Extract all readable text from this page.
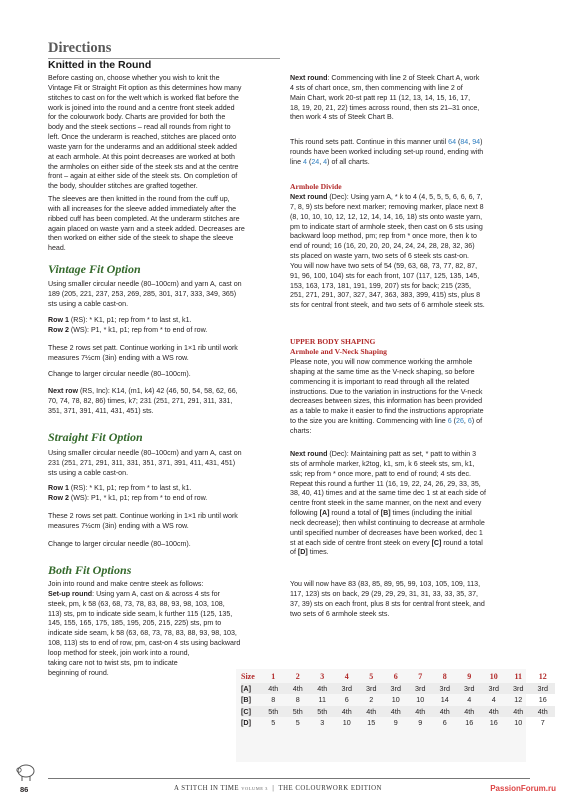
Directions
Knitted in the Round
Before casting on, choose whether you wish to knit the
Vintage Fit or Straight Fit option as this determines how many
stitches to cast on for the welt which is worked flat before the
work is joined into the round and a centre front steek added
for the colourwork body. Charts are provided for both the
body and the steek sections – read all rounds from right to
left. Once the underarm is reached, stitches are placed onto
waste yarn for the underarms and an additional steek added
at each armhole. At this point decreases are worked at both
the armholes on either side of the steek sts and at the centre
front – again at either side of the steek sts. On completion of
the body, shoulder stitches are grafted together.
The sleeves are then knitted in the round from the cuff up,
with all increases for the sleeve added immediately after the
ribbed cuff has been completed. At the underarm stitches are
again placed on waste yarn and a steek added. Decreases are
then worked on either side of the steek to shape the sleeve
head.
Vintage Fit Option
Using smaller circular needle (80–100cm) and yarn A, cast on
189 (205, 221, 237, 253, 269, 285, 301, 317, 333, 349, 365)
sts using a cable cast-on.
Row 1 (RS): * K1, p1; rep from * to last st, k1.
Row 2 (WS): P1, * k1, p1; rep from * to end of row.
These 2 rows set patt. Continue working in 1×1 rib until work
measures 7½cm (3in) ending with a WS row.
Change to larger circular needle (80–100cm).
Next row (RS, Inc): K14, (m1, k4) 42 (46, 50, 54, 58, 62, 66,
70, 74, 78, 82, 86) times, k7; 231 (251, 271, 291, 311, 331,
351, 371, 391, 411, 431, 451) sts.
Straight Fit Option
Using smaller circular needle (80–100cm) and yarn A, cast on
231 (251, 271, 291, 311, 331, 351, 371, 391, 411, 431, 451)
sts using a cable cast-on.
Row 1 (RS): * K1, p1; rep from * to last st, k1.
Row 2 (WS): P1, * k1, p1; rep from * to end of row.
These 2 rows set patt. Continue working in 1×1 rib until work
measures 7½cm (3in) ending with a WS row.
Change to larger circular needle (80–100cm).
Both Fit Options
Join into round and make centre steek as follows:
Set-up round: Using yarn A, cast on & across 4 sts for
steek, pm, k 58 (63, 68, 73, 78, 83, 88, 93, 98, 103, 108,
113) sts, pm to indicate side seam, k further 115 (125, 135,
145, 155, 165, 175, 185, 195, 205, 215, 225) sts, pm to
indicate side seam, k 58 (63, 68, 73, 78, 83, 88, 93, 98, 103,
108, 113) sts to end of row, pm, cast-on 4 sts using backward
loop method for steek, join work into a round,
taking care not to twist sts, pm to indicate
beginning of round.
Next round: Commencing with line 2 of Steek Chart A, work
4 sts of chart once, sm, then commencing with line 2 of
Main Chart, work 20-st patt rep 11 (12, 13, 14, 15, 16, 17,
18, 19, 20, 21, 22) times across round, then sts 21–31 once,
then work 4 sts of Steek Chart B.
This round sets patt. Continue in this manner until 64 (84, 94)
rounds have been worked including set-up round, ending with
line 4 (24, 4) of all charts.
Armhole Divide
Next round (Dec): Using yarn A, * k to 4 (4, 5, 5, 5, 6, 6, 6, 7,
7, 8, 9) sts before next marker; removing marker, place next 8
(8, 10, 10, 10, 12, 12, 12, 14, 14, 16, 18) sts onto waste yarn,
pm to indicate start of armhole steek, then cast on 6 sts using
backward loop method, pm; rep from * once more, then k to
end of round; 16 (16, 20, 20, 20, 24, 24, 24, 28, 28, 32, 36)
sts placed on waste yarn, two sets of 6 steek sts cast-on.
You will now have two sets of 54 (59, 63, 68, 73, 77, 82, 87,
91, 96, 100, 104) sts for each front, 107 (117, 125, 135, 145,
153, 163, 173, 181, 191, 199, 207) sts for back; 215 (235,
251, 271, 291, 307, 327, 347, 363, 383, 399, 415) sts, plus 8
sts for central front steek, and two sets of 6 armhole steek sts.
UPPER BODY SHAPING
Armhole and V-Neck Shaping
Please note, you will now commence working the armhole
shaping at the same time as the V-neck shaping, so before
commencing it is important to read through all the related
instructions. Due to the variation in instructions for the V-neck
decreases between sizes, this information has been provided
as a table to make it easier to find the instructions appropriate
to the size you are knitting. Commencing with line 6 (26, 6) of
charts:
Next round (Dec): Maintaining patt as set, * patt to within 3
sts of armhole marker, k2tog, k1, sm, k 6 steek sts, sm, k1,
ssk; rep from * once more, patt to end of round; 4 sts dec.
Repeat this round a further 11 (16, 19, 22, 24, 26, 29, 33, 35,
38, 40, 41) times and at the same time dec 1 st at each side of
centre front steek in the same manner, on the next and every
following [A] round a total of [B] times (including the initial
neck decrease); then whilst continuing to decrease at armhole
until specified number of decreases have been worked, dec 1
st at each side of centre front steek on every [C] round a total
of [D] times.
You will now have 83 (83, 85, 89, 95, 99, 103, 105, 109, 113,
117, 123) sts on back, 29 (29, 29, 29, 31, 31, 33, 33, 35, 37,
37, 39) sts on each front, plus 8 sts for central front steek, and
two sets of 6 armhole steek sts.
Size	1	2	3	4	5	6	7	8	9	10	11	12
[A]	4th	4th	4th	3rd	3rd	3rd	3rd	3rd	3rd	3rd	3rd	3rd
[B]	8	8	11	6	2	10	10	14	4	4	12	16
[C]	5th	5th	5th	4th	4th	4th	4th	4th	4th	4th	4th	4th
[D]	5	5	3	10	15	9	9	6	16	16	10	7
86	A STITCH IN TIME VOLUME 3  |  THE COLOURWORK EDITION	PassionForum.ru
